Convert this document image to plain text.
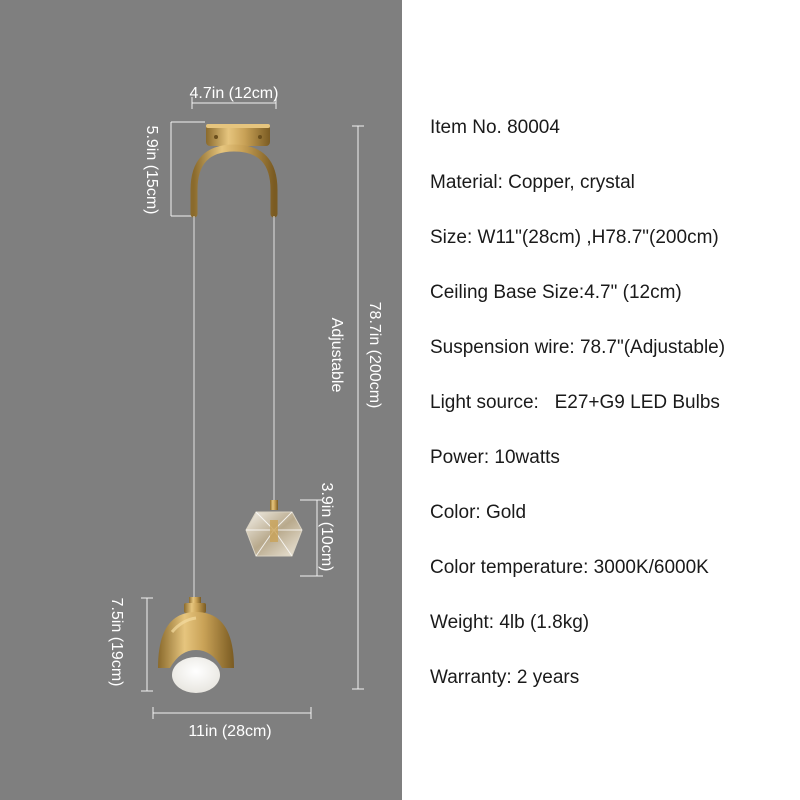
4.7in (12cm)
5.9in (15cm)
Adjustable 78.7in (200cm)
3.9in (10cm)
7.5in (19cm)
11in (28cm)
Item No. 80004
Material: Copper, crystal
Size: W11"(28cm) ,H78.7"(200cm)
Ceiling Base Size:4.7" (12cm)
Suspension wire: 78.7"(Adjustable)
Light source:   E27+G9 LED Bulbs
Power: 10watts
Color: Gold
Color temperature: 3000K/6000K
Weight: 4lb (1.8kg)
Warranty: 2 years
